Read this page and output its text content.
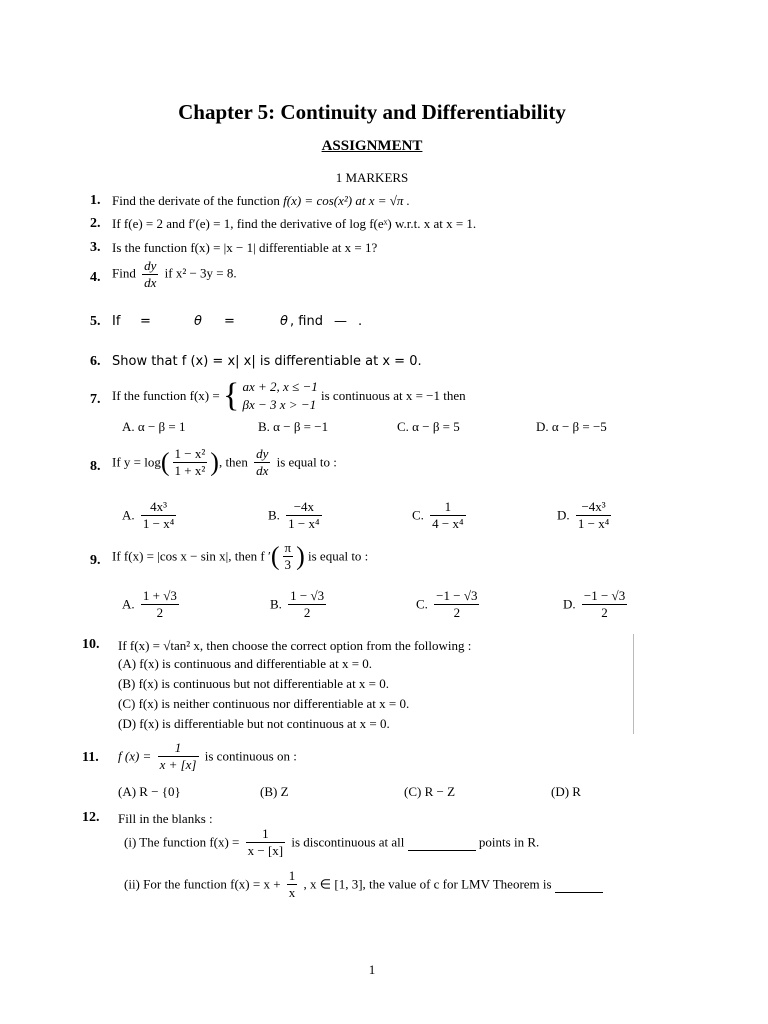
Chapter 5: Continuity and Differentiability
ASSIGNMENT
1 MARKERS
1. Find the derivate of the function f(x) = cos(x²) at x = √π .
2. If f(e) = 2 and f′(e) = 1, find the derivative of log f(eˣ) w.r.t. x at x = 1.
3. Is the function f(x) = |x − 1| differentiable at x = 1?
4. Find $\frac{dy}{dx}$ if x² − 3y = 8.
5. If =	θ =	θ , find — .
6. Show that f (x) = x| x| is differentiable at x = 0.
7. If the function f(x) = { ax + 2, x ≤ −1
βx − 3 x > −1
is continuous at x = −1 then
A. α − β = 1	B. α − β = −1	C. α − β = 5	D. α − β = −5
8. If $y = \log( \frac{\text{1 − x²}}{\text{1 + x²}}$ ), then $\frac{dy}{dx}$ is equal to :
A. $\frac{\text{4x³}}{\text{1 − x⁴}}$	B. $\frac{-4x}{\text{1 − x⁴}}$	C. $\frac{1}{\text{4 − x⁴}}$	D. $\frac{\text{−4x³}}{\text{1 − x⁴}}$
9. If f(x) = |cos x − sin x|, then f ′( $\frac{\pi}{3}$ ) is equal to :
A. $\frac{1 + √3}{2}$	B. $\frac{1 - √3}{2}$	C. $\frac{-1 - √3}{2}$	D. $\frac{-1 - √3}{2}$
10. If f(x) = √tan² x, then choose the correct option from the following :
(A) f(x) is continuous and differentiable at x = 0.
(B) f(x) is continuous but not differentiable at x = 0.
(C) f(x) is neither continuous nor differentiable at x = 0.
(D) f(x) is differentiable but not continuous at x = 0.
11. f $(x) = \frac{1}{x + [x]}$ is continuous on :
(A) R − {0}	(B) Z	(C) R − Z	(D) R
12. Fill in the blanks :
(i) The function $f(x) = \frac{1}{x - [x]}$ is discontinuous at all	points in R.
(ii) For the function $f(x) = x + \frac{1}{x}$ , x ∈ [1, 3], the value of c for LMV Theorem is
1
